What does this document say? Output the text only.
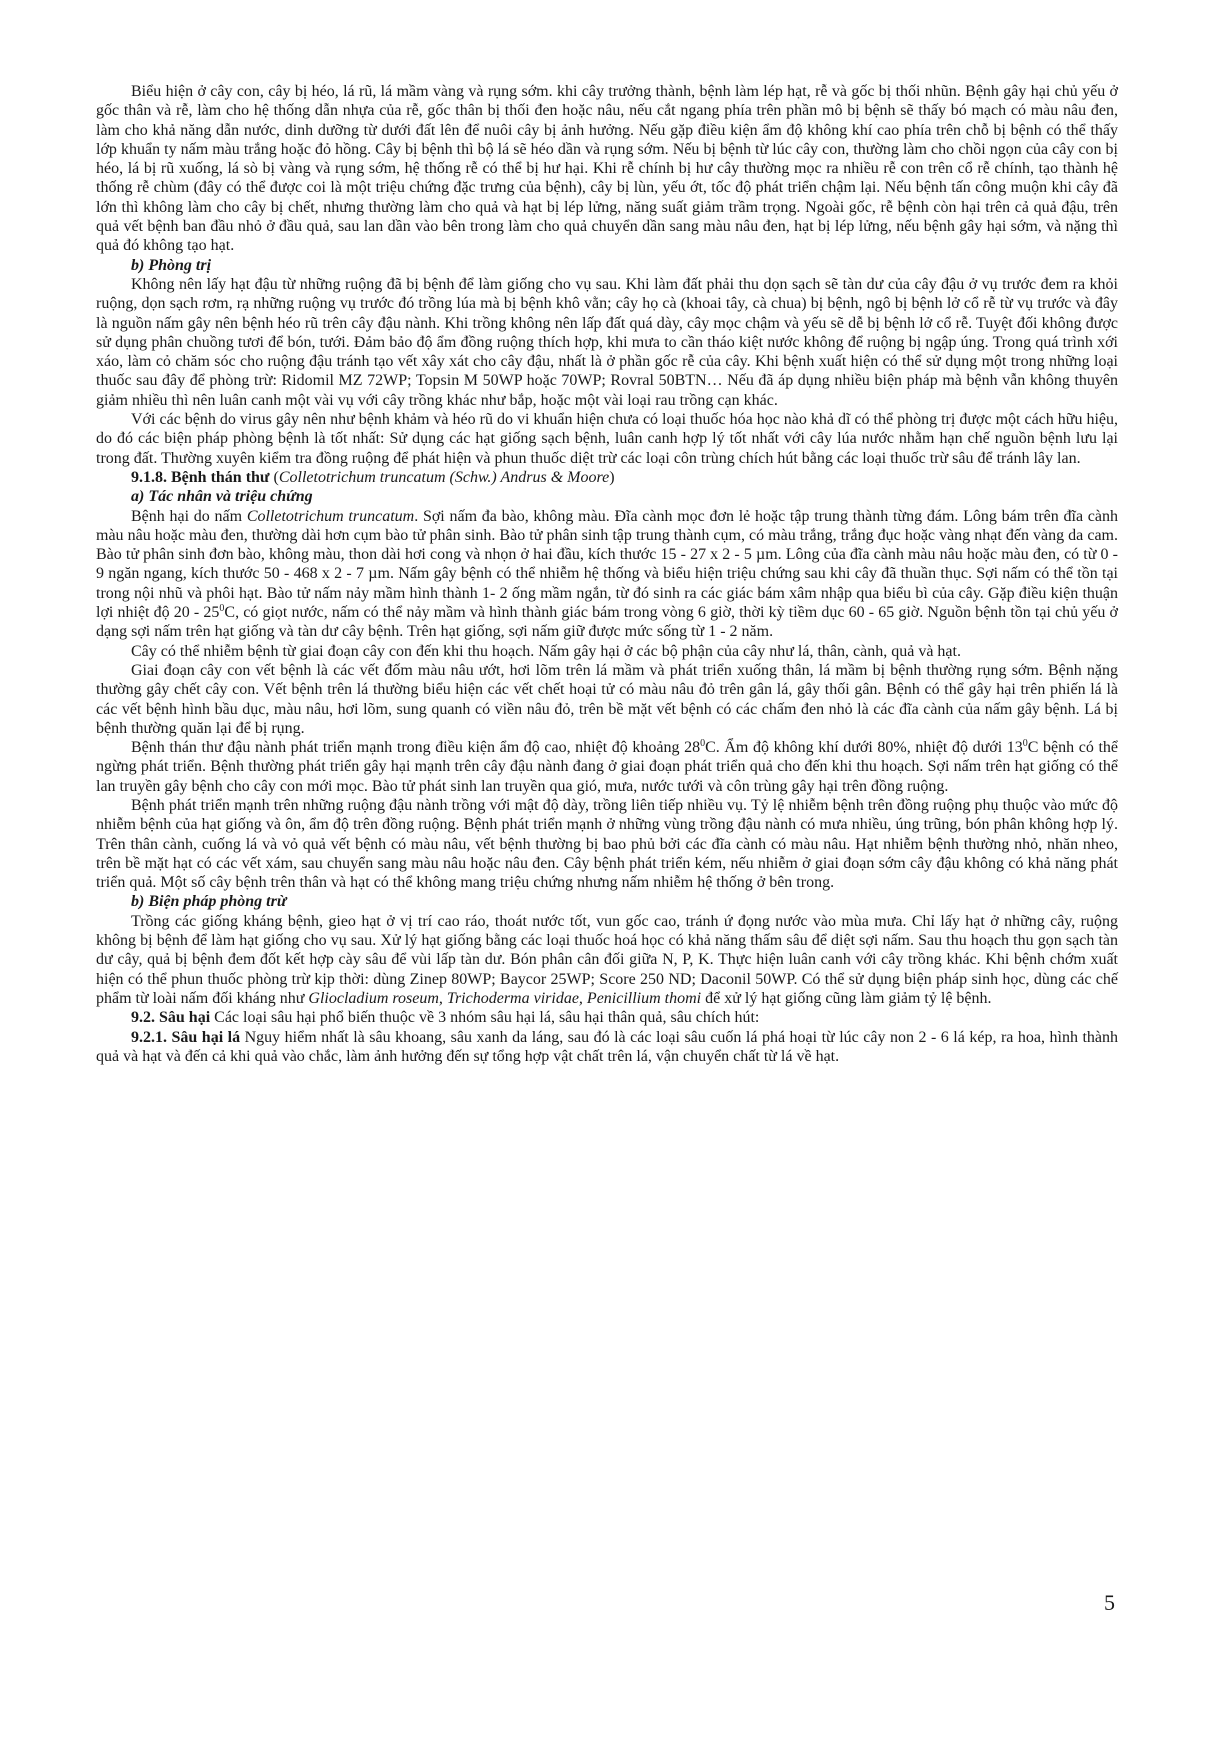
Biểu hiện ở cây con, cây bị héo, lá rũ, lá mầm vàng và rụng sớm. khi cây trưởng thành, bệnh làm lép hạt, rễ và gốc bị thối nhũn. Bệnh gây hại chủ yếu ở gốc thân và rễ, làm cho hệ thống dẫn nhựa của rễ, gốc thân bị thối đen hoặc nâu, nếu cắt ngang phía trên phần mô bị bệnh sẽ thấy bó mạch có màu nâu đen, làm cho khả năng dẫn nước, dinh dưỡng từ dưới đất lên để nuôi cây bị ảnh hưởng. Nếu gặp điều kiện ẩm độ không khí cao phía trên chỗ bị bệnh có thể thấy lớp khuẩn ty nấm màu trắng hoặc đỏ hồng. Cây bị bệnh thì bộ lá sẽ héo dần và rụng sớm. Nếu bị bệnh từ lúc cây con, thường làm cho chồi ngọn của cây con bị héo, lá bị rũ xuống, lá sò bị vàng và rụng sớm, hệ thống rễ có thể bị hư hại. Khi rễ chính bị hư cây thường mọc ra nhiều rễ con trên cổ rễ chính, tạo thành hệ thống rễ chùm (đây có thể được coi là một triệu chứng đặc trưng của bệnh), cây bị lùn, yếu ớt, tốc độ phát triển chậm lại. Nếu bệnh tấn công muộn khi cây đã lớn thì không làm cho cây bị chết, nhưng thường làm cho quả và hạt bị lép lửng, năng suất giảm trầm trọng. Ngoài gốc, rễ bệnh còn hại trên cả quả đậu, trên quả vết bệnh ban đầu nhỏ ở đầu quả, sau lan dần vào bên trong làm cho quả chuyển dần sang màu nâu đen, hạt bị lép lửng, nếu bệnh gây hại sớm, và nặng thì quả đó không tạo hạt.

b) Phòng trị

Không nên lấy hạt đậu từ những ruộng đã bị bệnh để làm giống cho vụ sau. Khi làm đất phải thu dọn sạch sẽ tàn dư của cây đậu ở vụ trước đem ra khỏi ruộng, dọn sạch rơm, rạ những ruộng vụ trước đó trồng lúa mà bị bệnh khô vằn; cây họ cà (khoai tây, cà chua) bị bệnh, ngô bị bệnh lở cổ rễ từ vụ trước và đây là nguồn nấm gây nên bệnh héo rũ trên cây đậu nành. Khi trồng không nên lấp đất quá dày, cây mọc chậm và yếu sẽ dễ bị bệnh lở cổ rễ. Tuyệt đối không được sử dụng phân chuồng tươi để bón, tưới. Đảm bảo độ ẩm đồng ruộng thích hợp, khi mưa to cần tháo kiệt nước không để ruộng bị ngập úng. Trong quá trình xới xáo, làm cỏ chăm sóc cho ruộng đậu tránh tạo vết xây xát cho cây đậu, nhất là ở phần gốc rễ của cây. Khi bệnh xuất hiện có thể sử dụng một trong những loại thuốc sau đây để phòng trừ: Ridomil MZ 72WP; Topsin M 50WP hoặc 70WP; Rovral 50BTN… Nếu đã áp dụng nhiều biện pháp mà bệnh vẫn không thuyên giảm nhiều thì nên luân canh một vài vụ với cây trồng khác như bắp, hoặc một vài loại rau trồng cạn khác.

Với các bệnh do virus gây nên như bệnh khảm và héo rũ do vi khuẩn hiện chưa có loại thuốc hóa học nào khả dĩ có thể phòng trị được một cách hữu hiệu, do đó các biện pháp phòng bệnh là tốt nhất: Sử dụng các hạt giống sạch bệnh, luân canh hợp lý tốt nhất với cây lúa nước nhằm hạn chế nguồn bệnh lưu lại trong đất. Thường xuyên kiểm tra đồng ruộng để phát hiện và phun thuốc diệt trừ các loại côn trùng chích hút bằng các loại thuốc trừ sâu để tránh lây lan.

9.1.8. Bệnh thán thư (Colletotrichum truncatum (Schw.) Andrus & Moore)

a) Tác nhân và triệu chứng

Bệnh hại do nấm Colletotrichum truncatum. Sợi nấm đa bào, không màu. Đĩa cành mọc đơn lẻ hoặc tập trung thành từng đám. Lông bám trên đĩa cành màu nâu hoặc màu đen, thường dài hơn cụm bào tử phân sinh. Bào tử phân sinh tập trung thành cụm, có màu trắng, trắng đục hoặc vàng nhạt đến vàng da cam. Bào tử phân sinh đơn bào, không màu, thon dài hơi cong và nhọn ở hai đầu, kích thước 15 - 27 x 2 - 5 µm. Lông của đĩa cành màu nâu hoặc màu đen, có từ 0 - 9 ngăn ngang, kích thước 50 - 468 x 2 - 7 µm. Nấm gây bệnh có thể nhiễm hệ thống và biểu hiện triệu chứng sau khi cây đã thuần thục. Sợi nấm có thể tồn tại trong nội nhũ và phôi hạt. Bào tử nấm nảy mầm hình thành 1- 2 ống mầm ngắn, từ đó sinh ra các giác bám xâm nhập qua biểu bì của cây. Gặp điều kiện thuận lợi nhiệt độ $20 - 25^0C$, có giọt nước, nấm có thể nảy mầm và hình thành giác bám trong vòng 6 giờ, thời kỳ tiềm dục 60 - 65 giờ. Nguồn bệnh tồn tại chủ yếu ở dạng sợi nấm trên hạt giống và tàn dư cây bệnh. Trên hạt giống, sợi nấm giữ được mức sống từ 1 - 2 năm.

Cây có thể nhiễm bệnh từ giai đoạn cây con đến khi thu hoạch. Nấm gây hại ở các bộ phận của cây như lá, thân, cành, quả và hạt.

Giai đoạn cây con vết bệnh là các vết đốm màu nâu ướt, hơi lõm trên lá mầm và phát triển xuống thân, lá mầm bị bệnh thường rụng sớm. Bệnh nặng thường gây chết cây con. Vết bệnh trên lá thường biểu hiện các vết chết hoại tử có màu nâu đỏ trên gân lá, gây thối gân. Bệnh có thể gây hại trên phiến lá là các vết bệnh hình bầu dục, màu nâu, hơi lõm, sung quanh có viền nâu đỏ, trên bề mặt vết bệnh có các chấm đen nhỏ là các đĩa cành của nấm gây bệnh. Lá bị bệnh thường quăn lại để bị rụng.

Bệnh thán thư đậu nành phát triển mạnh trong điều kiện ẩm độ cao, nhiệt độ khoảng $28^0C$. Ẩm độ không khí dưới 80%, nhiệt độ dưới $13^0C$ bệnh có thể ngừng phát triển. Bệnh thường phát triển gây hại mạnh trên cây đậu nành đang ở giai đoạn phát triển quả cho đến khi thu hoạch. Sợi nấm trên hạt giống có thể lan truyền gây bệnh cho cây con mới mọc. Bào tử phát sinh lan truyền qua gió, mưa, nước tưới và côn trùng gây hại trên đồng ruộng.

Bệnh phát triển mạnh trên những ruộng đậu nành trồng với mật độ dày, trồng liên tiếp nhiều vụ. Tỷ lệ nhiễm bệnh trên đồng ruộng phụ thuộc vào mức độ nhiễm bệnh của hạt giống và ôn, ẩm độ trên đồng ruộng. Bệnh phát triển mạnh ở những vùng trồng đậu nành có mưa nhiều, úng trũng, bón phân không hợp lý. Trên thân cành, cuống lá và vỏ quả vết bệnh có màu nâu, vết bệnh thường bị bao phủ bởi các đĩa cành có màu nâu. Hạt nhiễm bệnh thường nhỏ, nhăn nheo, trên bề mặt hạt có các vết xám, sau chuyển sang màu nâu hoặc nâu đen. Cây bệnh phát triển kém, nếu nhiễm ở giai đoạn sớm cây đậu không có khả năng phát triển quả. Một số cây bệnh trên thân và hạt có thể không mang triệu chứng nhưng nấm nhiễm hệ thống ở bên trong.

b) Biện pháp phòng trừ

Trồng các giống kháng bệnh, gieo hạt ở vị trí cao ráo, thoát nước tốt, vun gốc cao, tránh ứ đọng nước vào mùa mưa. Chỉ lấy hạt ở những cây, ruộng không bị bệnh để làm hạt giống cho vụ sau. Xử lý hạt giống bằng các loại thuốc hoá học có khả năng thấm sâu để diệt sợi nấm. Sau thu hoạch thu gọn sạch tàn dư cây, quả bị bệnh đem đốt kết hợp cày sâu để vùi lấp tàn dư. Bón phân cân đối giữa N, P, K. Thực hiện luân canh với cây trồng khác. Khi bệnh chớm xuất hiện có thể phun thuốc phòng trừ kịp thời: dùng Zinep 80WP; Baycor 25WP; Score 250 ND; Daconil 50WP. Có thể sử dụng biện pháp sinh học, dùng các chế phẩm từ loài nấm đối kháng như Gliocladium roseum, Trichoderma viridae, Penicillium thomi để xử lý hạt giống cũng làm giảm tỷ lệ bệnh.

9.2. Sâu hại Các loại sâu hại phổ biến thuộc về 3 nhóm sâu hại lá, sâu hại thân quả, sâu chích hút:

9.2.1. Sâu hại lá Nguy hiểm nhất là sâu khoang, sâu xanh da láng, sau đó là các loại sâu cuốn lá phá hoại từ lúc cây non 2 - 6 lá kép, ra hoa, hình thành quả và hạt và đến cả khi quả vào chắc, làm ảnh hưởng đến sự tổng hợp vật chất trên lá, vận chuyển chất từ lá về hạt.

5
